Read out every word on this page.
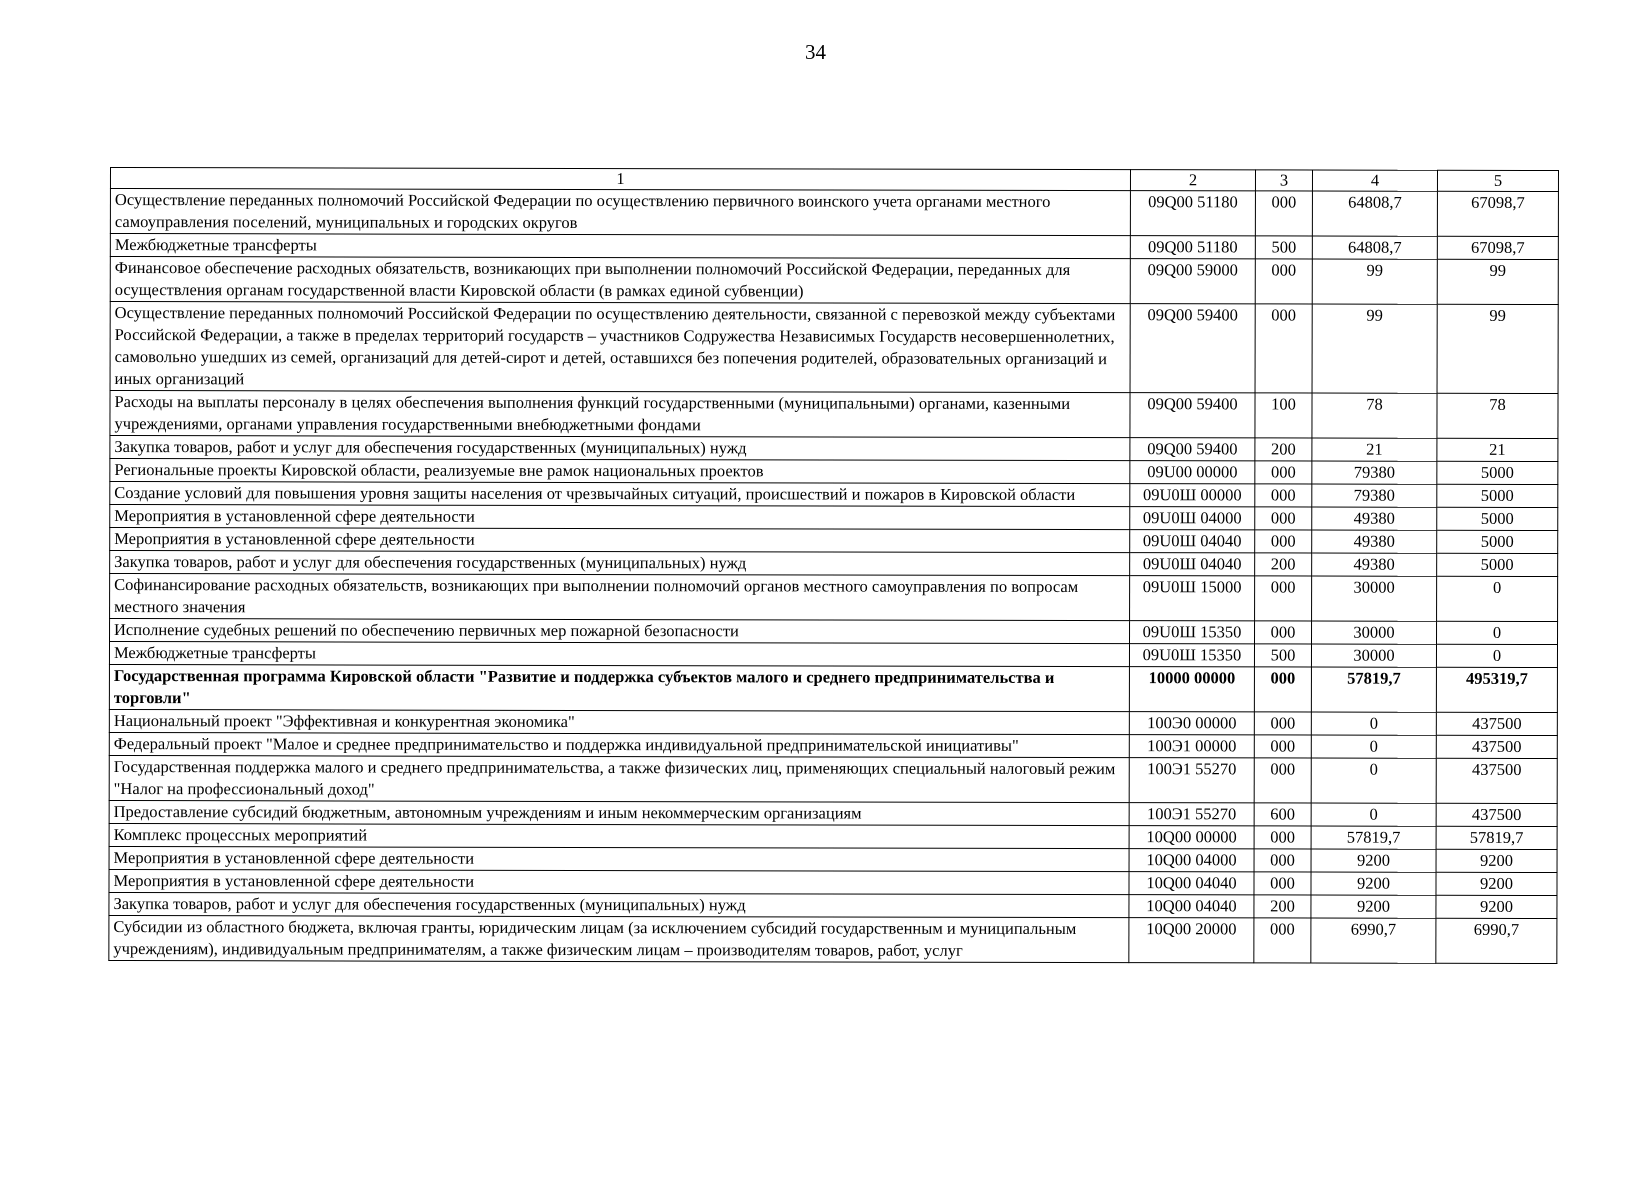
34
1	2	3	4	5
Осуществление переданных полномочий Российской Федерации по осуществлению первичного воинского учета органами местного самоуправления поселений, муниципальных и городских округов	09Q00 51180	000	64808,7	67098,7
Межбюджетные трансферты	09Q00 51180	500	64808,7	67098,7
Финансовое обеспечение расходных обязательств, возникающих при выполнении полномочий Российской Федерации, переданных для осуществления органам государственной власти Кировской области (в рамках единой субвенции)	09Q00 59000	000	99	99
Осуществление переданных полномочий Российской Федерации по осуществлению деятельности, связанной с перевозкой между субъектами Российской Федерации, а также в пределах территорий государств – участников Содружества Независимых Государств несовершеннолетних, самовольно ушедших из семей, организаций для детей-сирот и детей, оставшихся без попечения родителей, образовательных организаций и иных организаций	09Q00 59400	000	99	99
Расходы на выплаты персоналу в целях обеспечения выполнения функций государственными (муниципальными) органами, казенными учреждениями, органами управления государственными внебюджетными фондами	09Q00 59400	100	78	78
Закупка товаров, работ и услуг для обеспечения государственных (муниципальных) нужд	09Q00 59400	200	21	21
Региональные проекты Кировской области, реализуемые вне рамок национальных проектов	09U00 00000	000	79380	5000
Создание условий для повышения уровня защиты населения от чрезвычайных ситуаций, происшествий и пожаров в Кировской области	09U0Ш 00000	000	79380	5000
Мероприятия в установленной сфере деятельности	09U0Ш 04000	000	49380	5000
Мероприятия в установленной сфере деятельности	09U0Ш 04040	000	49380	5000
Закупка товаров, работ и услуг для обеспечения государственных (муниципальных) нужд	09U0Ш 04040	200	49380	5000
Софинансирование расходных обязательств, возникающих при выполнении полномочий органов местного самоуправления по вопросам местного значения	09U0Ш 15000	000	30000	0
Исполнение судебных решений по обеспечению первичных мер пожарной безопасности	09U0Ш 15350	000	30000	0
Межбюджетные трансферты	09U0Ш 15350	500	30000	0
Государственная программа Кировской области "Развитие и поддержка субъектов малого и среднего предпринимательства и торговли"	10000 00000	000	57819,7	495319,7
Национальный проект "Эффективная и конкурентная экономика"	100Э0 00000	000	0	437500
Федеральный проект "Малое и среднее предпринимательство и поддержка индивидуальной предпринимательской инициативы"	100Э1 00000	000	0	437500
Государственная поддержка малого и среднего предпринимательства, а также физических лиц, применяющих специальный налоговый режим "Налог на профессиональный доход"	100Э1 55270	000	0	437500
Предоставление субсидий бюджетным, автономным учреждениям и иным некоммерческим организациям	100Э1 55270	600	0	437500
Комплекс процессных мероприятий	10Q00 00000	000	57819,7	57819,7
Мероприятия в установленной сфере деятельности	10Q00 04000	000	9200	9200
Мероприятия в установленной сфере деятельности	10Q00 04040	000	9200	9200
Закупка товаров, работ и услуг для обеспечения государственных (муниципальных) нужд	10Q00 04040	200	9200	9200
Субсидии из областного бюджета, включая гранты, юридическим лицам (за исключением субсидий государственным и муниципальным учреждениям), индивидуальным предпринимателям, а также физическим лицам – производителям товаров, работ, услуг	10Q00 20000	000	6990,7	6990,7
